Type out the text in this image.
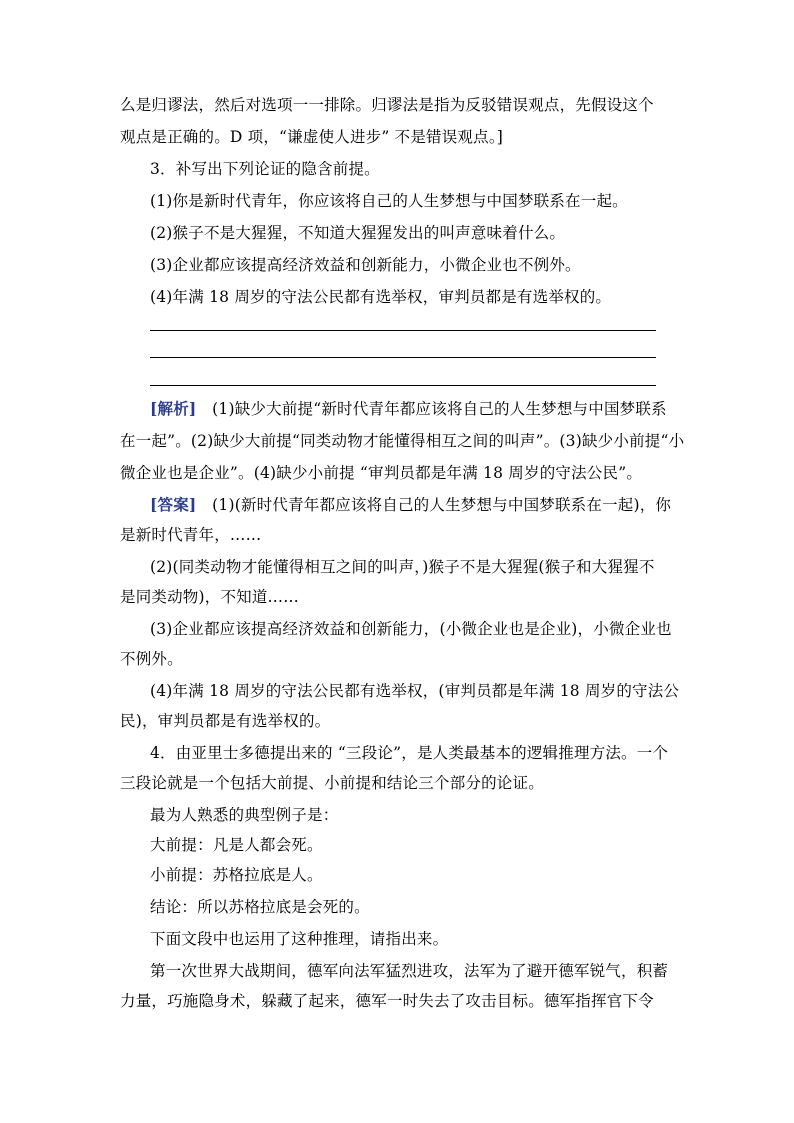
么是归谬法，然后对选项一一排除。归谬法是指为反驳错误观点，先假设这个
观点是正确的。D 项，“谦虚使人进步” 不是错误观点。]
3．补写出下列论证的隐含前提。
(1)你是新时代青年，你应该将自己的人生梦想与中国梦联系在一起。
(2)猴子不是大猩猩，不知道大猩猩发出的叫声意味着什么。
(3)企业都应该提高经济效益和创新能力，小微企业也不例外。
(4)年满 18 周岁的守法公民都有选举权，审判员都是有选举权的。
[解析]　(1)缺少大前提“新时代青年都应该将自己的人生梦想与中国梦联系
在一起”。(2)缺少大前提“同类动物才能懂得相互之间的叫声”。(3)缺少小前提“小
微企业也是企业”。(4)缺少小前提 “审判员都是年满 18 周岁的守法公民”。
[答案]　(1)(新时代青年都应该将自己的人生梦想与中国梦联系在一起)，你
是新时代青年，……
(2)(同类动物才能懂得相互之间的叫声，)猴子不是大猩猩(猴子和大猩猩不
是同类动物)，不知道……
(3)企业都应该提高经济效益和创新能力，(小微企业也是企业)，小微企业也
不例外。
(4)年满 18 周岁的守法公民都有选举权，(审判员都是年满 18 周岁的守法公
民)，审判员都是有选举权的。
4．由亚里士多德提出来的 “三段论”，是人类最基本的逻辑推理方法。一个
三段论就是一个包括大前提、小前提和结论三个部分的论证。
最为人熟悉的典型例子是：
大前提：凡是人都会死。
小前提：苏格拉底是人。
结论：所以苏格拉底是会死的。
下面文段中也运用了这种推理，请指出来。
第一次世界大战期间，德军向法军猛烈进攻，法军为了避开德军锐气，积蓄
力量，巧施隐身术，躲藏了起来，德军一时失去了攻击目标。德军指挥官下令
